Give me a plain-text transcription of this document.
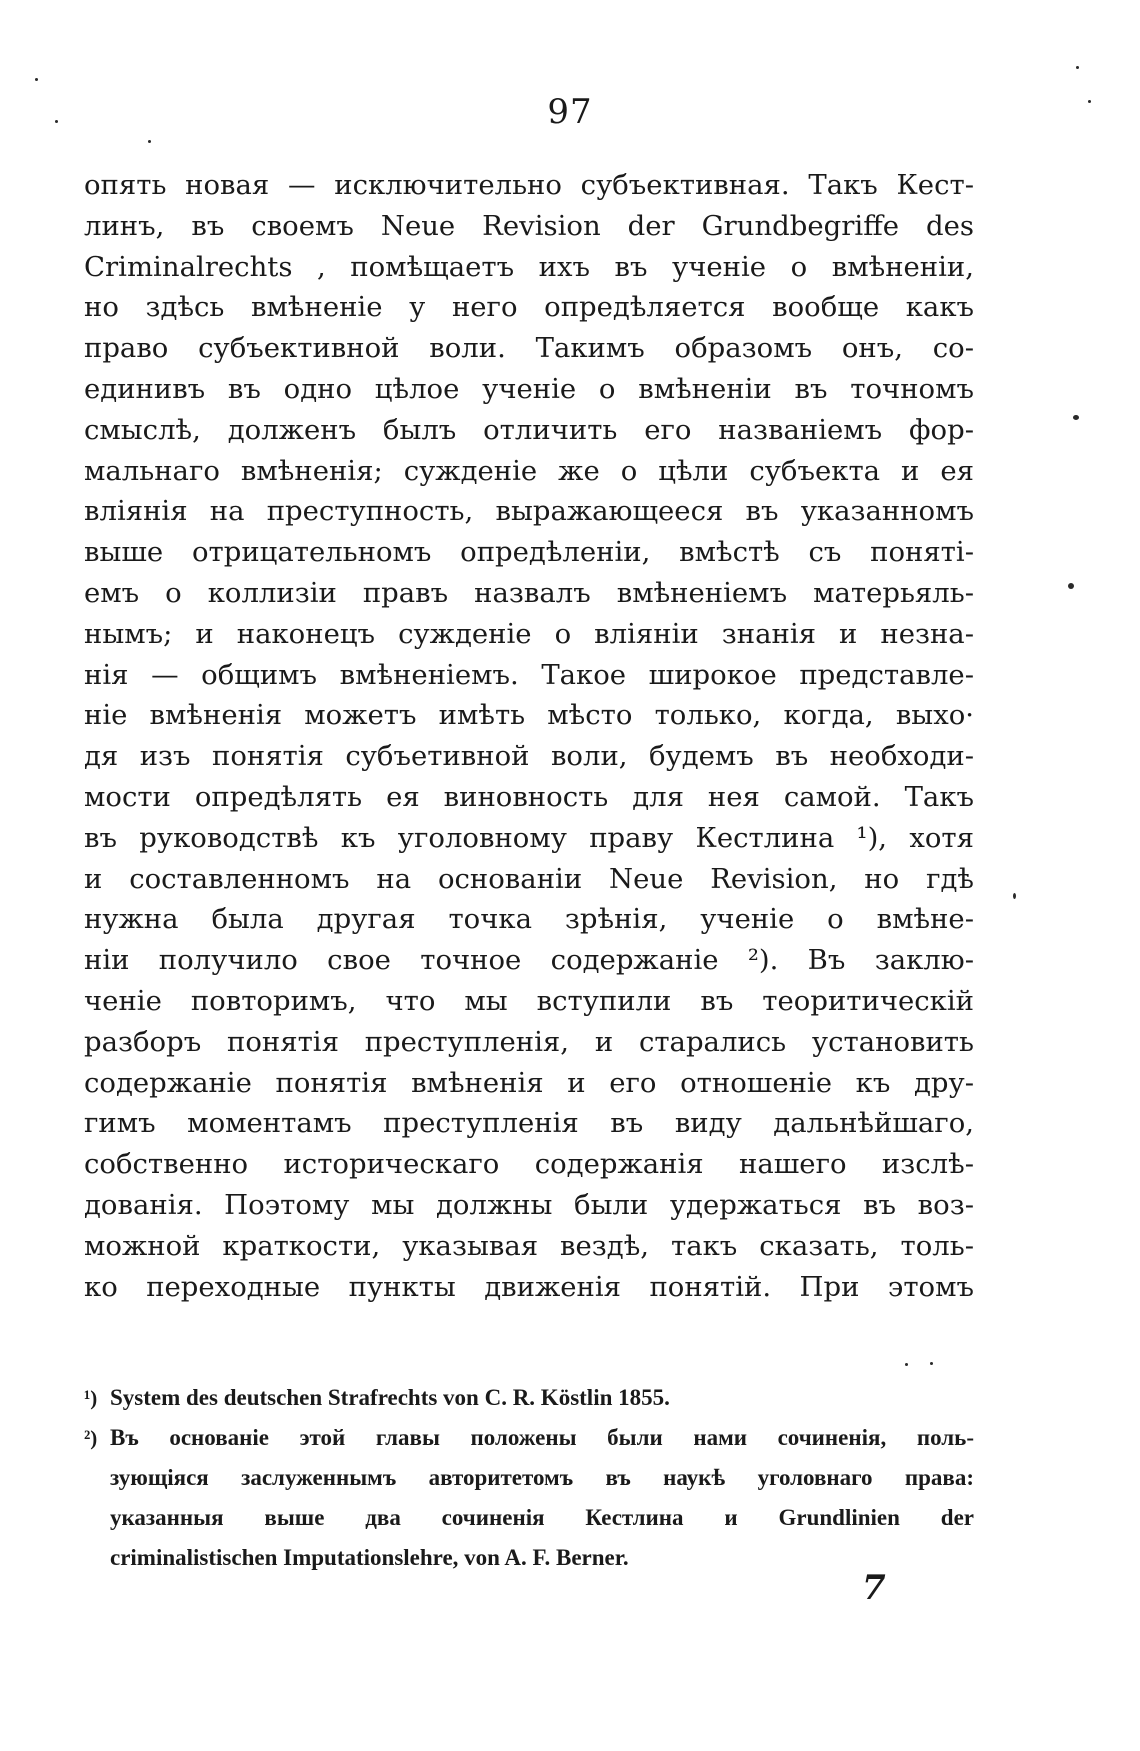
97
опять новая — исключительно субъективная. Такъ Кест-
линъ, въ своемъ Neue Revision der Grundbegriffe des
Criminalrechts , помѣщаетъ ихъ въ ученіе о вмѣненіи,
но здѣсь вмѣненіе у него опредѣляется вообще какъ
право субъективной воли. Такимъ образомъ онъ, со-
единивъ въ одно цѣлое ученіе о вмѣненіи въ точномъ
смыслѣ, долженъ былъ отличить его названіемъ фор-
мальнаго вмѣненія; сужденіе же о цѣли субъекта и ея
вліянія на преступность, выражающееся въ указанномъ
выше отрицательномъ опредѣленіи, вмѣстѣ съ поняті-
емъ о коллизіи правъ назвалъ вмѣненіемъ матерьяль-
нымъ; и наконецъ сужденіе о вліяніи знанія и незна-
нія — общимъ вмѣненіемъ. Такое широкое представле-
ніе вмѣненія можетъ имѣть мѣсто только, когда, выхо·
дя изъ понятія субъетивной воли, будемъ въ необходи-
мости опредѣлять ея виновность для нея самой. Такъ
въ руководствѣ къ уголовному праву Кестлина ¹), хотя
и составленномъ на основаніи Neue Revision, но гдѣ
нужна была другая точка зрѣнія, ученіе о вмѣне-
ніи получило свое точное содержаніе ²). Въ заклю-
ченіе повторимъ, что мы вступили въ теоритическій
разборъ понятія преступленія, и старались установить
содержаніе понятія вмѣненія и его отношеніе къ дру-
гимъ моментамъ преступленія въ виду дальнѣйшаго,
собственно историческаго содержанія нашего изслѣ-
дованія. Поэтому мы должны были удержаться въ воз-
можной краткости, указывая вездѣ, такъ сказать, толь-
ко переходные пункты движенія понятій. При этомъ
¹) System des deutschen Strafrechts von C. R. Köstlin 1855.
²) Въ основаніе этой главы положены были нами сочиненія, поль-
зующіяся заслуженнымъ авторитетомъ въ наукѣ уголовнаго права:
указанныя выше два сочиненія Кестлина и Grundlinien der
criminalistischen Imputationslehre, von A. F. Berner.
7
